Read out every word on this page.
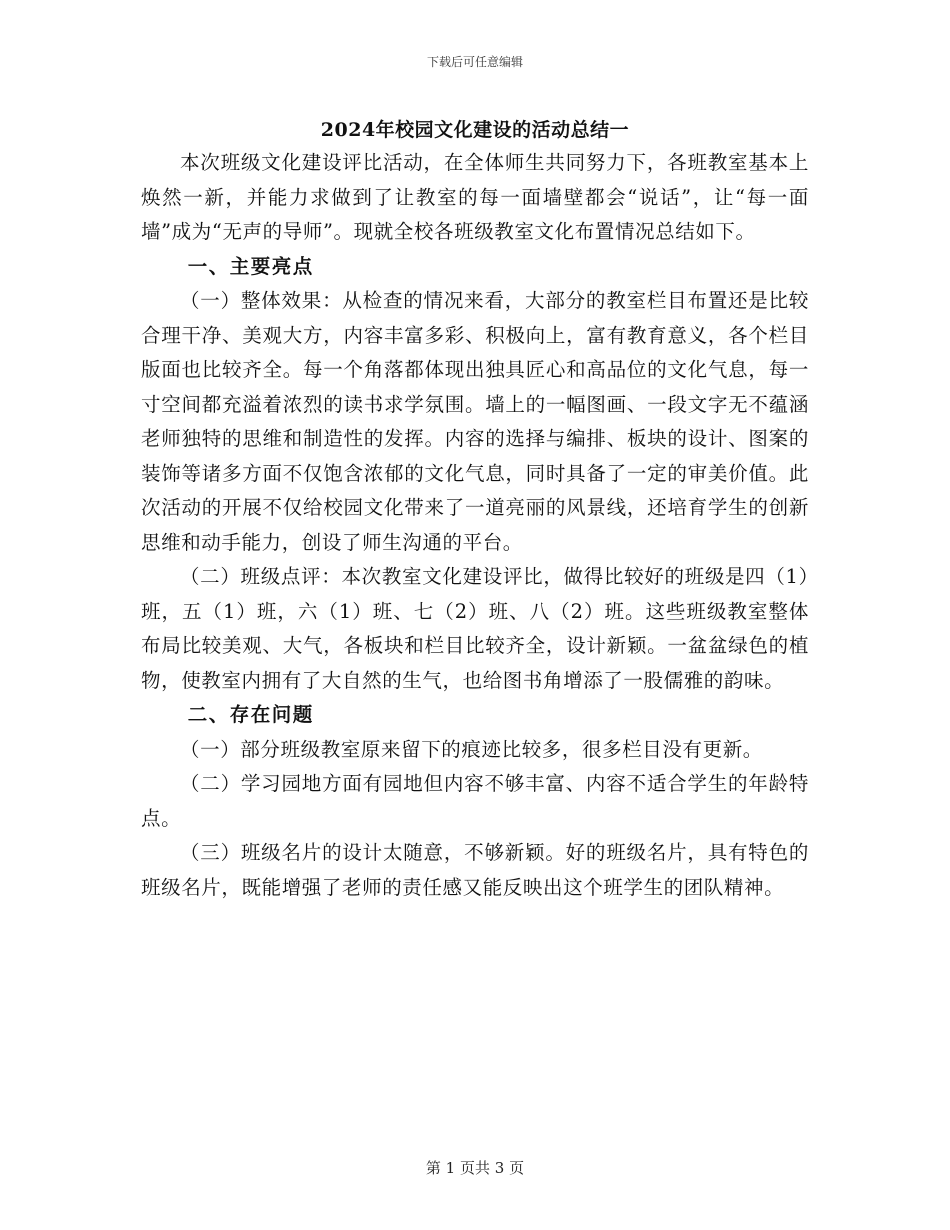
下载后可任意编辑
2024年校园文化建设的活动总结一

本次班级文化建设评比活动，在全体师生共同努力下，各班教室基本上焕然一新，并能力求做到了让教室的每一面墙壁都会“说话”，让“每一面墙”成为“无声的导师”。现就全校各班级教室文化布置情况总结如下。

一、主要亮点

（一）整体效果：从检查的情况来看，大部分的教室栏目布置还是比较合理干净、美观大方，内容丰富多彩、积极向上，富有教育意义，各个栏目版面也比较齐全。每一个角落都体现出独具匠心和高品位的文化气息，每一寸空间都充溢着浓烈的读书求学氛围。墙上的一幅图画、一段文字无不蕴涵老师独特的思维和制造性的发挥。内容的选择与编排、板块的设计、图案的装饰等诸多方面不仅饱含浓郁的文化气息，同时具备了一定的审美价值。此次活动的开展不仅给校园文化带来了一道亮丽的风景线，还培育学生的创新思维和动手能力，创设了师生沟通的平台。

（二）班级点评：本次教室文化建设评比，做得比较好的班级是四（1）班，五（1）班，六（1）班、七（2）班、八（2）班。这些班级教室整体布局比较美观、大气，各板块和栏目比较齐全，设计新颖。一盆盆绿色的植物，使教室内拥有了大自然的生气，也给图书角增添了一股儒雅的韵味。

二、存在问题

（一）部分班级教室原来留下的痕迹比较多，很多栏目没有更新。

（二）学习园地方面有园地但内容不够丰富、内容不适合学生的年龄特点。

（三）班级名片的设计太随意，不够新颖。好的班级名片，具有特色的班级名片，既能增强了老师的责任感又能反映出这个班学生的团队精神。

第 1 页共 3 页
